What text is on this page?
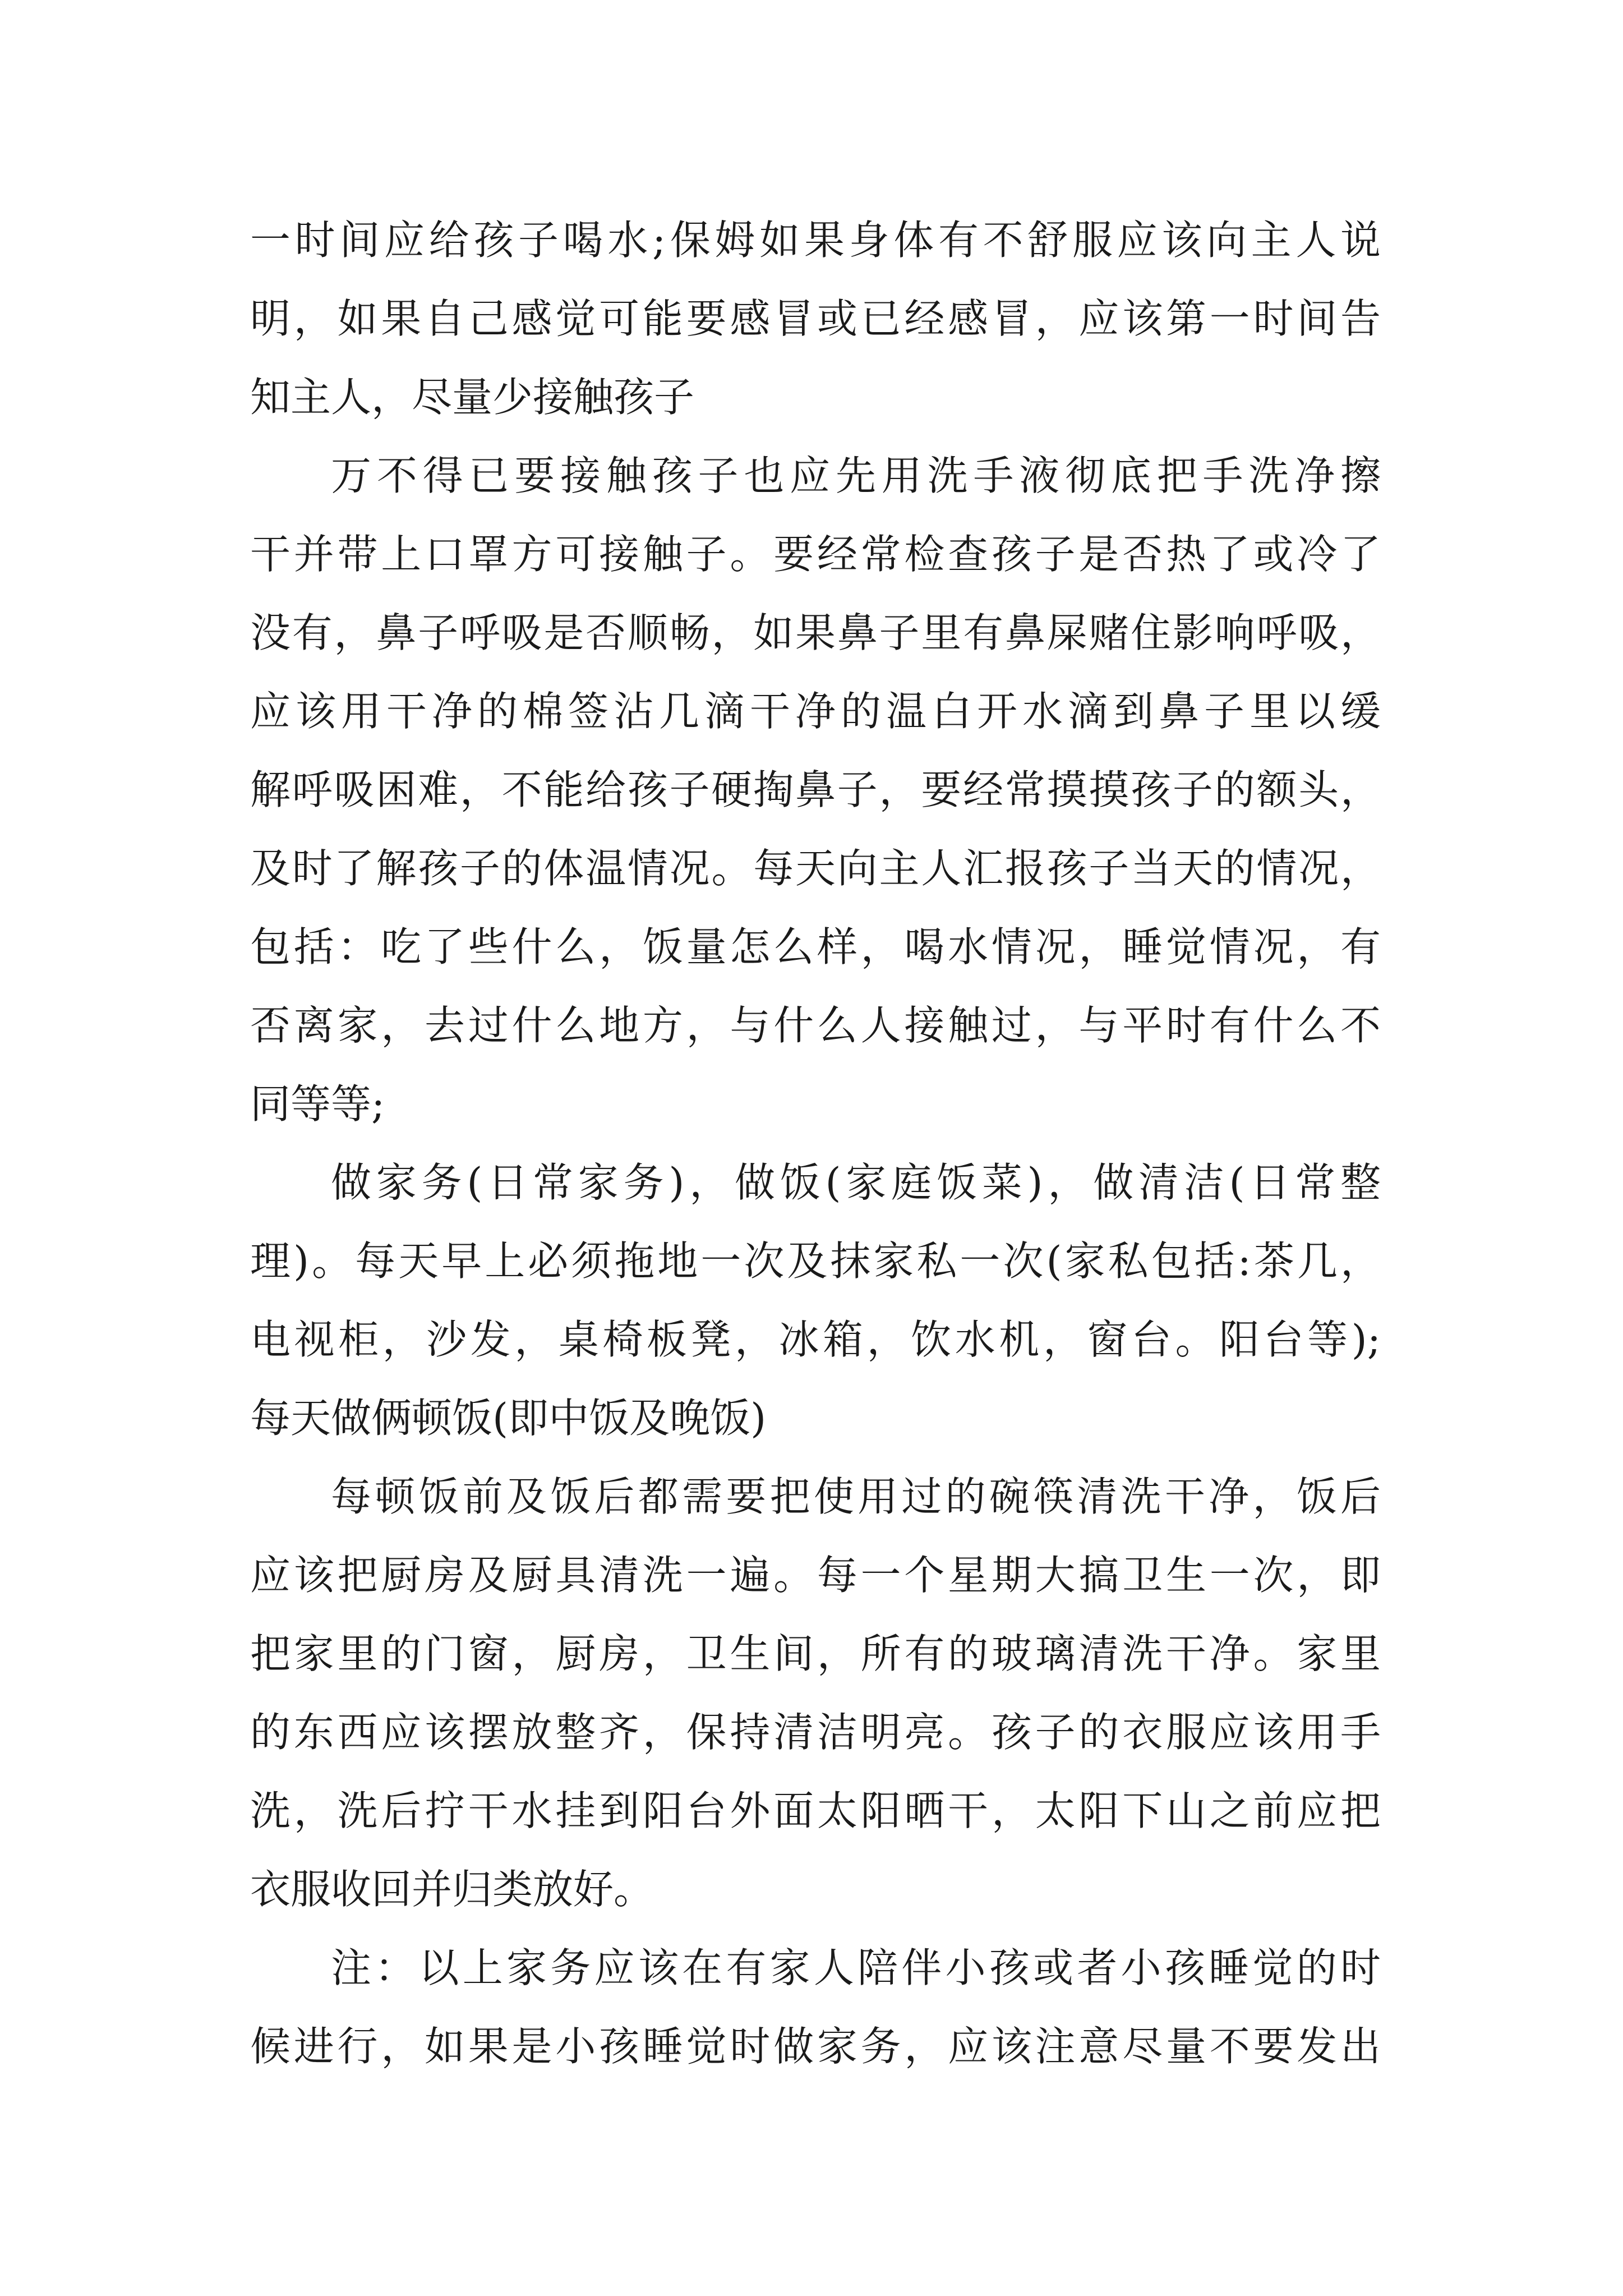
一时间应给孩子喝水;保姆如果身体有不舒服应该向主人说
明，如果自己感觉可能要感冒或已经感冒，应该第一时间告
知主人，尽量少接触孩子

万不得已要接触孩子也应先用洗手液彻底把手洗净擦
干并带上口罩方可接触子。要经常检查孩子是否热了或冷了
没有，鼻子呼吸是否顺畅，如果鼻子里有鼻屎赌住影响呼吸，
应该用干净的棉签沾几滴干净的温白开水滴到鼻子里以缓
解呼吸困难，不能给孩子硬掏鼻子，要经常摸摸孩子的额头，
及时了解孩子的体温情况。每天向主人汇报孩子当天的情况，
包括：吃了些什么，饭量怎么样，喝水情况，睡觉情况，有
否离家，去过什么地方，与什么人接触过，与平时有什么不
同等等;

做家务(日常家务)，做饭(家庭饭菜)，做清洁(日常整
理)。每天早上必须拖地一次及抹家私一次(家私包括:茶几，
电视柜，沙发，桌椅板凳，冰箱，饮水机，窗台。阳台等);
每天做俩顿饭(即中饭及晚饭)

每顿饭前及饭后都需要把使用过的碗筷清洗干净，饭后
应该把厨房及厨具清洗一遍。每一个星期大搞卫生一次，即
把家里的门窗，厨房，卫生间，所有的玻璃清洗干净。家里
的东西应该摆放整齐，保持清洁明亮。孩子的衣服应该用手
洗，洗后拧干水挂到阳台外面太阳晒干，太阳下山之前应把
衣服收回并归类放好。

注：以上家务应该在有家人陪伴小孩或者小孩睡觉的时
候进行，如果是小孩睡觉时做家务，应该注意尽量不要发出
